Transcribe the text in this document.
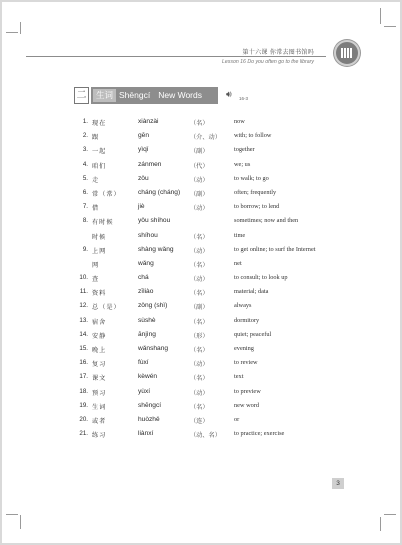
第十六课 你常去图书馆吗
Lesson 16 Do you often go to the library
二	生词 Shēngcí New Words	🔊︎ 16-3
1. 现在	xiànzài	（名）	now
2. 跟	gēn	（介、动） with; to follow
3. 一起	yìqǐ	（副）	together
4. 咱们	zánmen	（代）	we; us
5. 走	zǒu	（动）	to walk; to go
6. 常（常）	cháng (cháng) （副）	often; frequently
7. 借	jiè	（动）	to borrow; to lend
8. 有时候	yǒu shíhou	sometimes; now and then
时候	shíhou	（名）	time
9. 上网	shàng wǎng	（动）	to get online; to surf the Internet
网	wǎng	（名）	net
10. 查	chá	（动）	to consult; to look up
11. 资料	zīliào	（名）	material; data
12. 总（是）	zǒng (shì)	（副）	always
13. 宿舍	sùshè	（名）	dormitory
14. 安静	ānjìng	（形）	quiet; peaceful
15. 晚上	wǎnshang	（名）	evening
16. 复习	fùxí	（动）	to review
17. 课文	kèwén	（名）	text
18. 预习	yùxí	（动）	to preview
19. 生词	shēngcí	（名）	new word
20. 或者	huòzhě	（连）	or
21. 练习	liànxí	（动、名） to practice; exercise
3
